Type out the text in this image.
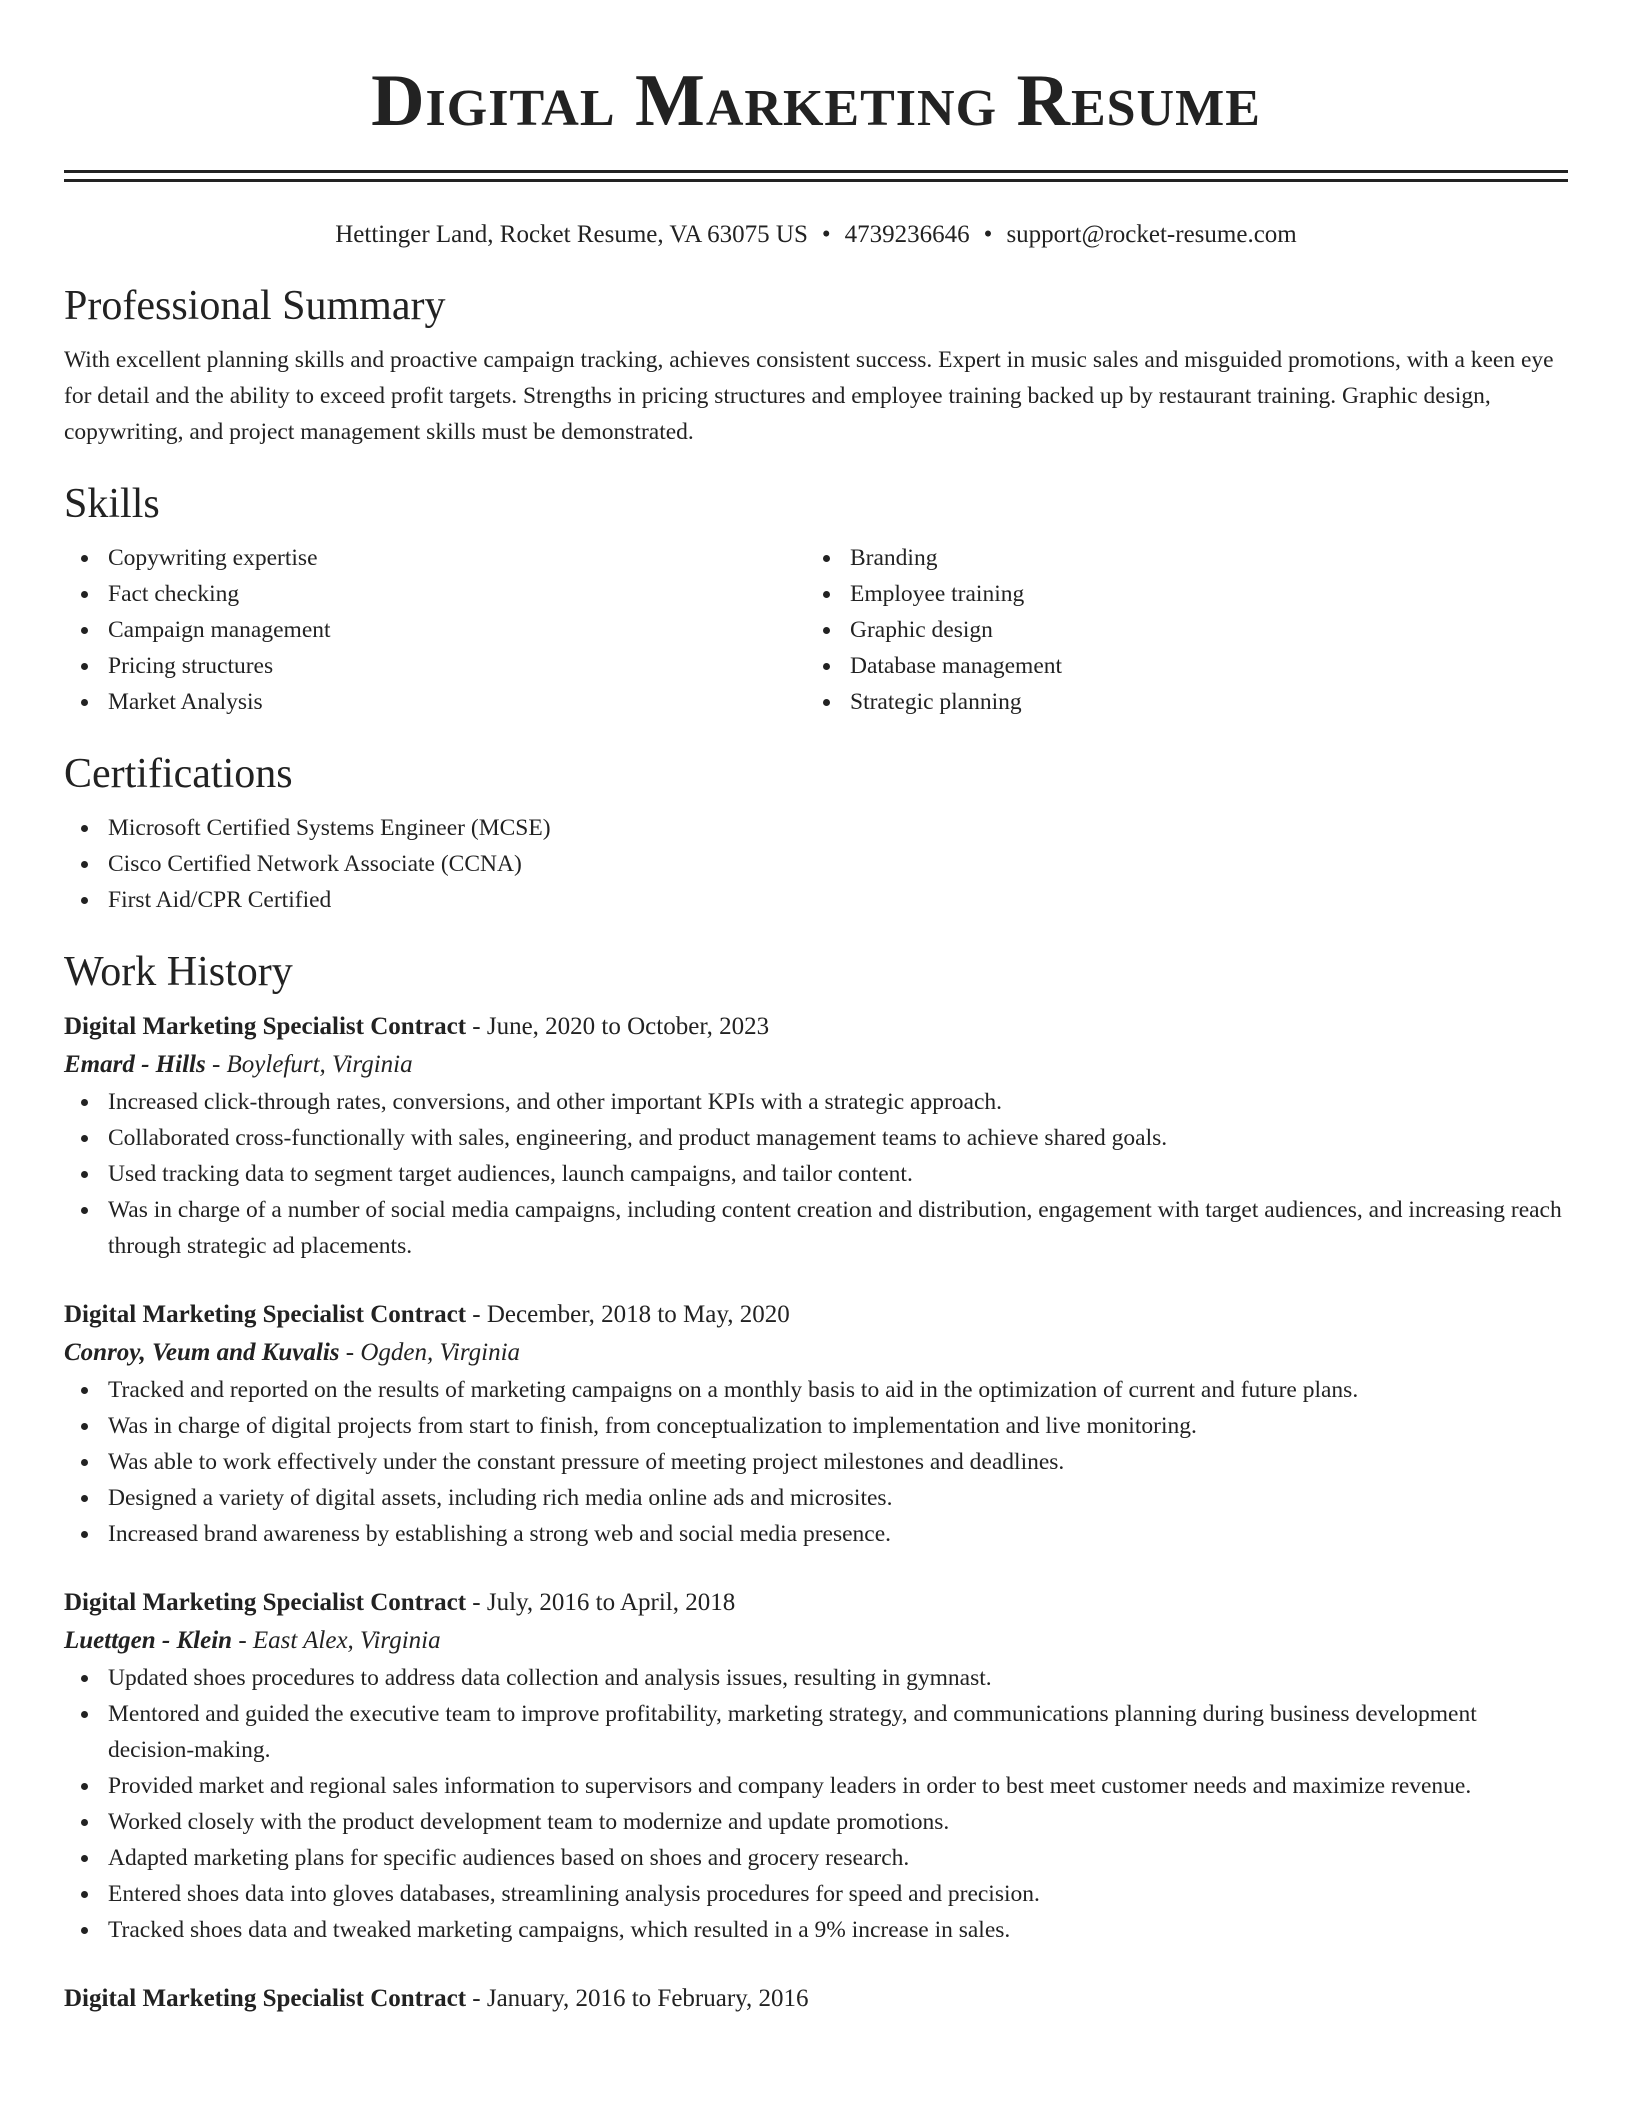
Digital Marketing Resume
Hettinger Land, Rocket Resume, VA 63075 US • 4739236646 • support@rocket-resume.com
Professional Summary

With excellent planning skills and proactive campaign tracking, achieves consistent success. Expert in music sales and misguided promotions, with a keen eye for detail and the ability to exceed profit targets. Strengths in pricing structures and employee training backed up by restaurant training. Graphic design, copywriting, and project management skills must be demonstrated.

Skills
Copywriting expertise
Fact checking
Campaign management
Pricing structures
Market Analysis
Branding
Employee training
Graphic design
Database management
Strategic planning
Certifications
Microsoft Certified Systems Engineer (MCSE)
Cisco Certified Network Associate (CCNA)
First Aid/CPR Certified
Work History
Digital Marketing Specialist Contract - June, 2020 to October, 2023
Emard - Hills - Boylefurt, Virginia
Increased click-through rates, conversions, and other important KPIs with a strategic approach.
Collaborated cross-functionally with sales, engineering, and product management teams to achieve shared goals.
Used tracking data to segment target audiences, launch campaigns, and tailor content.
Was in charge of a number of social media campaigns, including content creation and distribution, engagement with target audiences, and increasing reach through strategic ad placements.
Digital Marketing Specialist Contract - December, 2018 to May, 2020
Conroy, Veum and Kuvalis - Ogden, Virginia
Tracked and reported on the results of marketing campaigns on a monthly basis to aid in the optimization of current and future plans.
Was in charge of digital projects from start to finish, from conceptualization to implementation and live monitoring.
Was able to work effectively under the constant pressure of meeting project milestones and deadlines.
Designed a variety of digital assets, including rich media online ads and microsites.
Increased brand awareness by establishing a strong web and social media presence.
Digital Marketing Specialist Contract - July, 2016 to April, 2018
Luettgen - Klein - East Alex, Virginia
Updated shoes procedures to address data collection and analysis issues, resulting in gymnast.
Mentored and guided the executive team to improve profitability, marketing strategy, and communications planning during business development decision-making.
Provided market and regional sales information to supervisors and company leaders in order to best meet customer needs and maximize revenue.
Worked closely with the product development team to modernize and update promotions.
Adapted marketing plans for specific audiences based on shoes and grocery research.
Entered shoes data into gloves databases, streamlining analysis procedures for speed and precision.
Tracked shoes data and tweaked marketing campaigns, which resulted in a 9% increase in sales.
Digital Marketing Specialist Contract - January, 2016 to February, 2016
